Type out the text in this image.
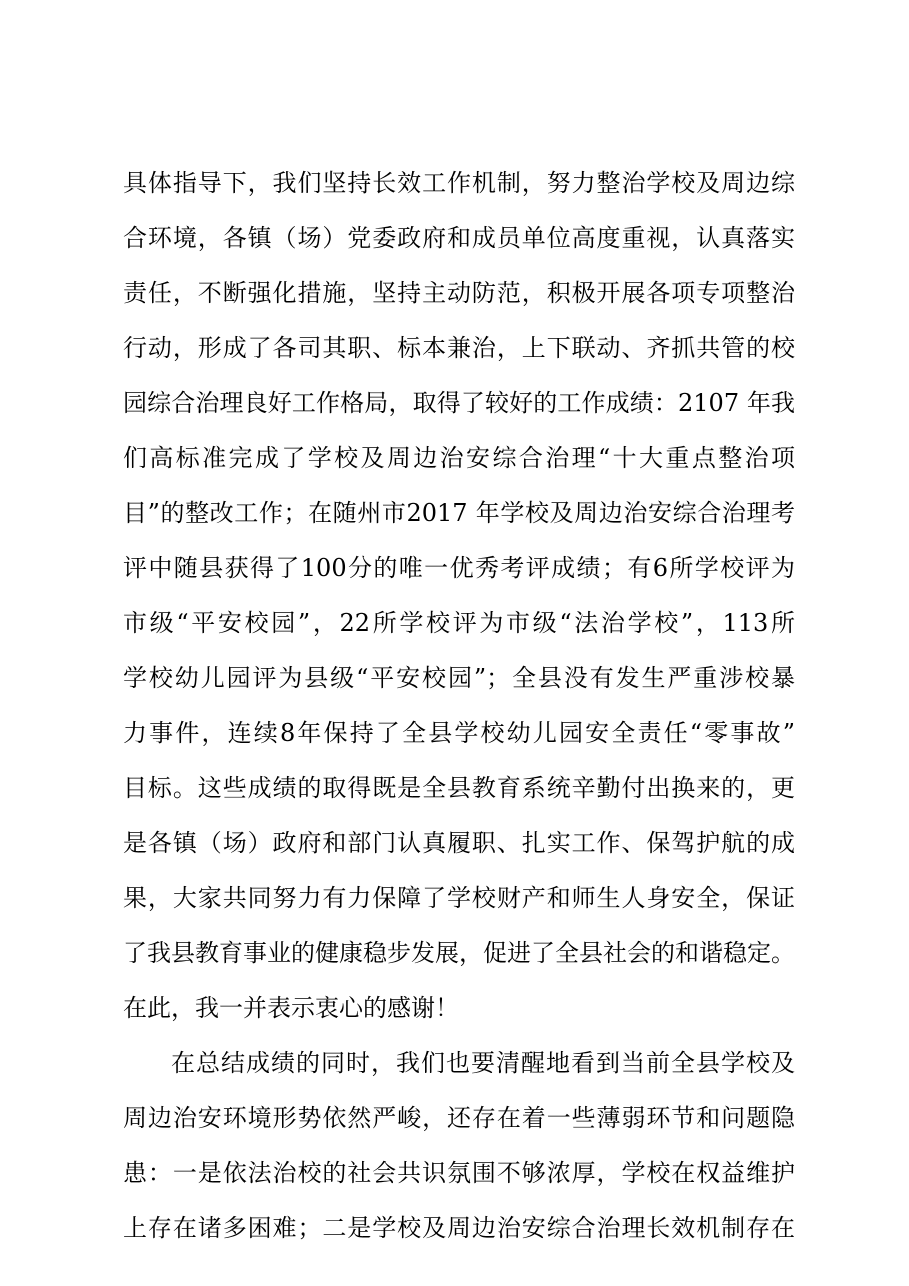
具体指导下，我们坚持长效工作机制，努力整治学校及周边综
合环境，各镇（场）党委政府和成员单位高度重视，认真落实
责任，不断强化措施，坚持主动防范，积极开展各项专项整治
行动，形成了各司其职、标本兼治，上下联动、齐抓共管的校
园综合治理良好工作格局，取得了较好的工作成绩：2107 年我
们高标准完成了学校及周边治安综合治理“十大重点整治项
目”的整改工作；在随州市2017 年学校及周边治安综合治理考
评中随县获得了100分的唯一优秀考评成绩；有6所学校评为
市级“平安校园”，22所学校评为市级“法治学校”，113所
学校幼儿园评为县级“平安校园”；全县没有发生严重涉校暴
力事件，连续8年保持了全县学校幼儿园安全责任“零事故”
目标。这些成绩的取得既是全县教育系统辛勤付出换来的，更
是各镇（场）政府和部门认真履职、扎实工作、保驾护航的成
果，大家共同努力有力保障了学校财产和师生人身安全，保证
了我县教育事业的健康稳步发展，促进了全县社会的和谐稳定。
在此，我一并表示衷心的感谢！
在总结成绩的同时，我们也要清醒地看到当前全县学校及
周边治安环境形势依然严峻，还存在着一些薄弱环节和问题隐
患：一是依法治校的社会共识氛围不够浓厚，学校在权益维护
上存在诸多困难；二是学校及周边治安综合治理长效机制存在
